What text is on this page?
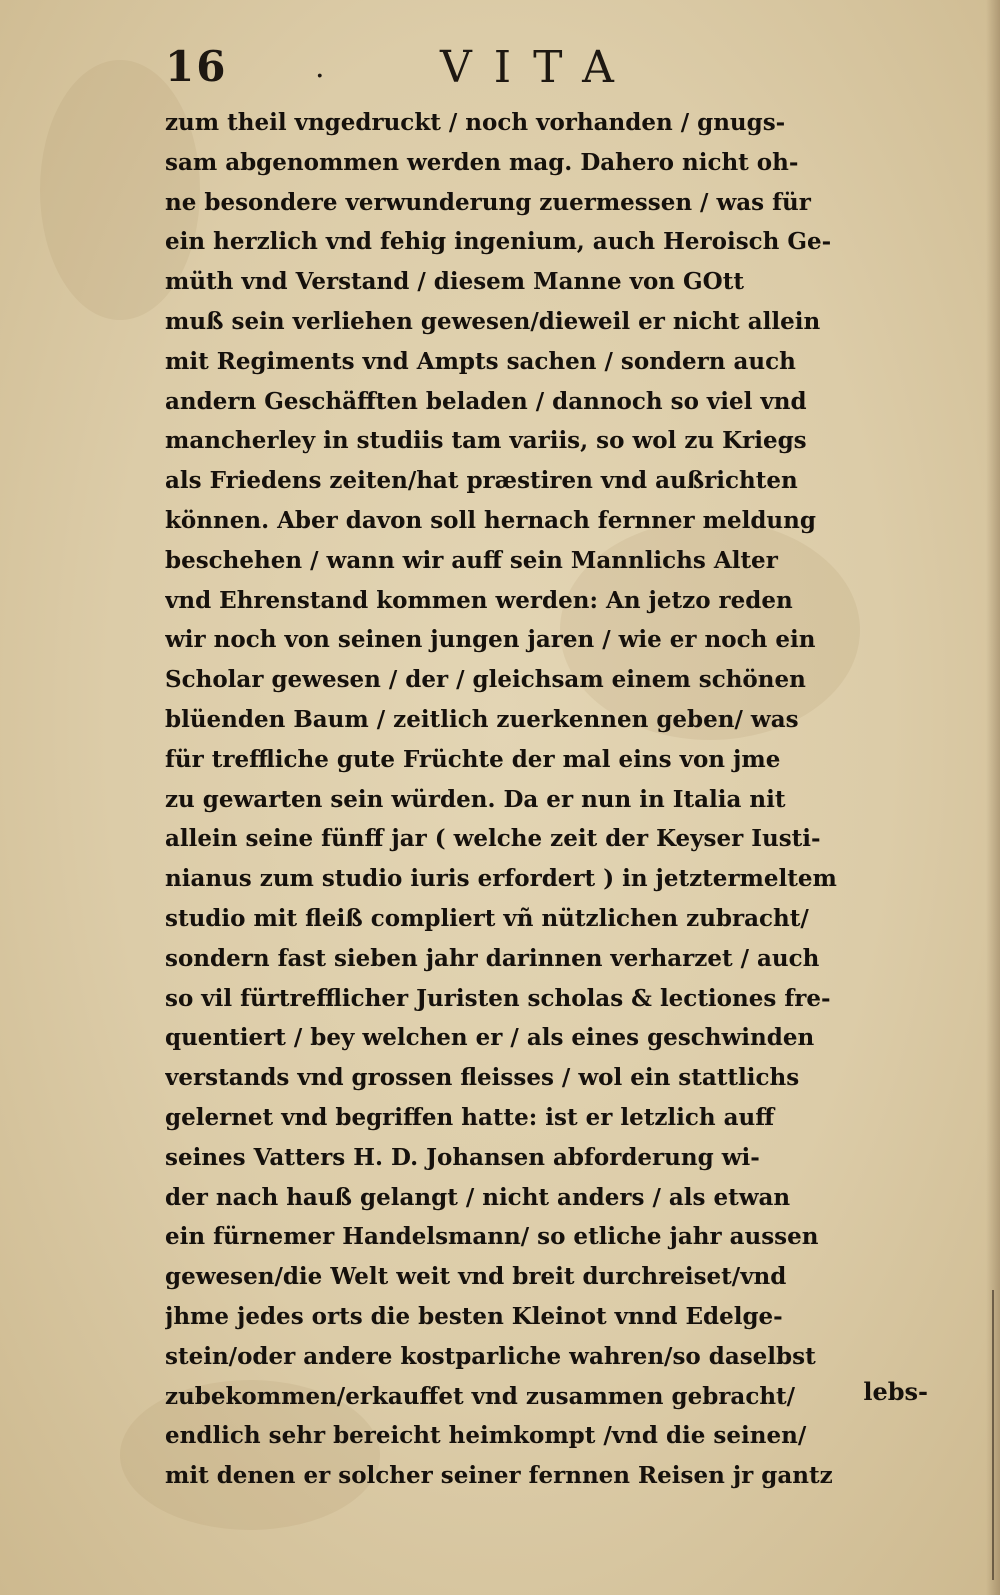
16	.	VITA
zum theil vngedruckt / noch vorhanden / gnugs-
sam abgenommen werden mag. Dahero nicht oh-
ne besondere verwunderung zuermessen / was für
ein herzlich vnd fehig ingenium, auch Heroisch Ge-
müth vnd Verstand / diesem Manne von GOtt
muß sein verliehen gewesen/dieweil er nicht allein
mit Regiments vnd Ampts sachen / sondern auch
andern Geschäfften beladen / dannoch so viel vnd
mancherley in studiis tam variis, so wol zu Kriegs
als Friedens zeiten/hat præstiren vnd außrichten
können. Aber davon soll hernach fernner meldung
beschehen / wann wir auff sein Mannlichs Alter
vnd Ehrenstand kommen werden: An jetzo reden
wir noch von seinen jungen jaren / wie er noch ein
Scholar gewesen / der / gleichsam einem schönen
blüenden Baum / zeitlich zuerkennen geben/ was
für treffliche gute Früchte der mal eins von jme
zu gewarten sein würden. Da er nun in Italia nit
allein seine fünff jar ( welche zeit der Keyser Iusti-
nianus zum studio iuris erfordert ) in jetztermeltem
studio mit fleiß compliert vñ nützlichen zubracht/
sondern fast sieben jahr darinnen verharzet / auch
so vil fürtrefflicher Juristen scholas & lectiones fre-
quentiert / bey welchen er / als eines geschwinden
verstands vnd grossen fleisses / wol ein stattlichs
gelernet vnd begriffen hatte: ist er letzlich auff
seines Vatters H. D. Johansen abforderung wi-
der nach hauß gelangt / nicht anders / als etwan
ein fürnemer Handelsmann/ so etliche jahr aussen
gewesen/die Welt weit vnd breit durchreiset/vnd
jhme jedes orts die besten Kleinot vnnd Edelge-
stein/oder andere kostparliche wahren/so daselbst
zubekommen/erkauffet vnd zusammen gebracht/
endlich sehr bereicht heimkompt /vnd die seinen/
mit denen er solcher seiner fernnen Reisen jr gantz
lebs-
